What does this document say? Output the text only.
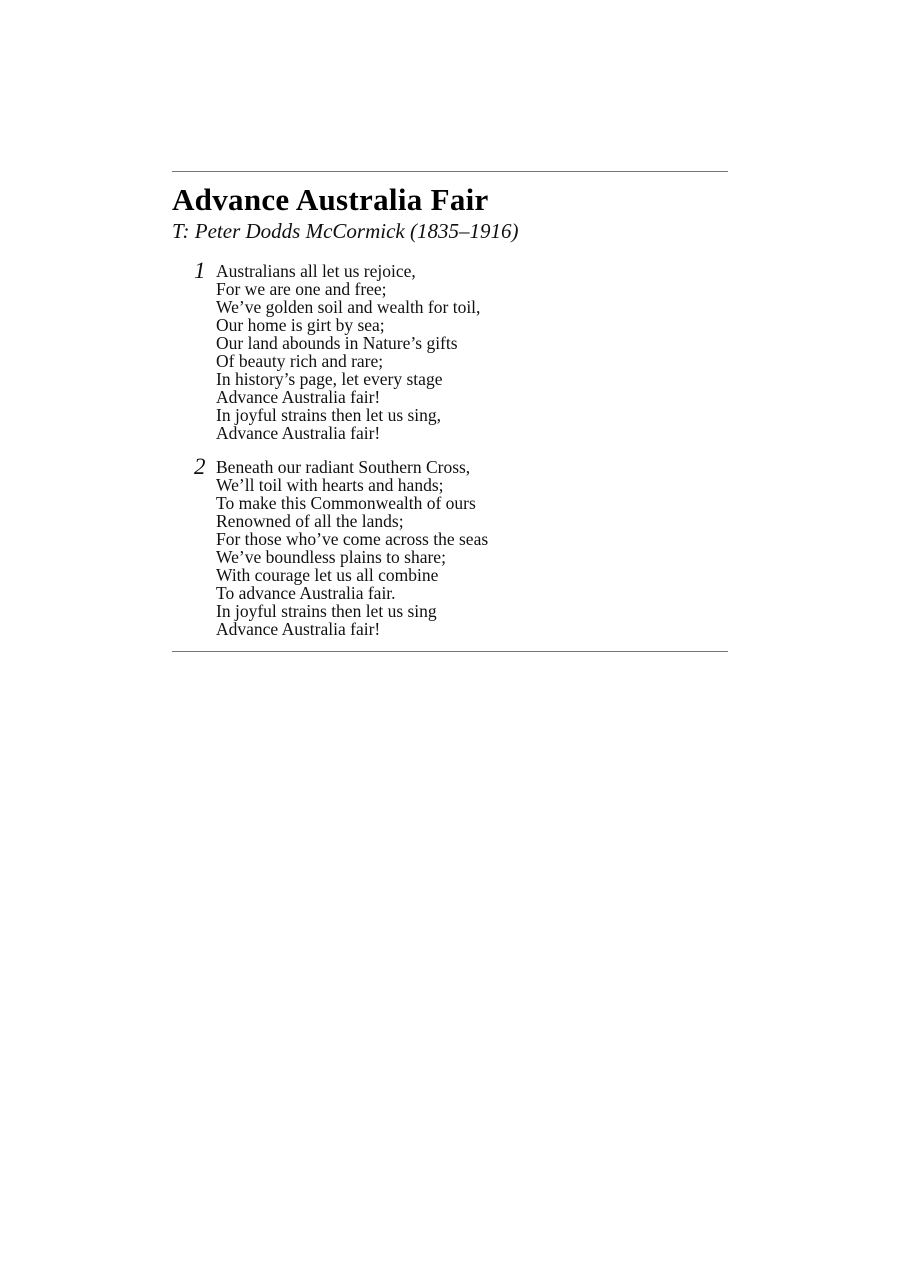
Advance Australia Fair

T: Peter Dodds McCormick (1835–1916)

1 Australians all let us rejoice,
For we are one and free;
We’ve golden soil and wealth for toil,
Our home is girt by sea;
Our land abounds in Nature’s gifts
Of beauty rich and rare;
In history’s page, let every stage
Advance Australia fair!
In joyful strains then let us sing,
Advance Australia fair!
2 Beneath our radiant Southern Cross,
We’ll toil with hearts and hands;
To make this Commonwealth of ours
Renowned of all the lands;
For those who’ve come across the seas
We’ve boundless plains to share;
With courage let us all combine
To advance Australia fair.
In joyful strains then let us sing
Advance Australia fair!
